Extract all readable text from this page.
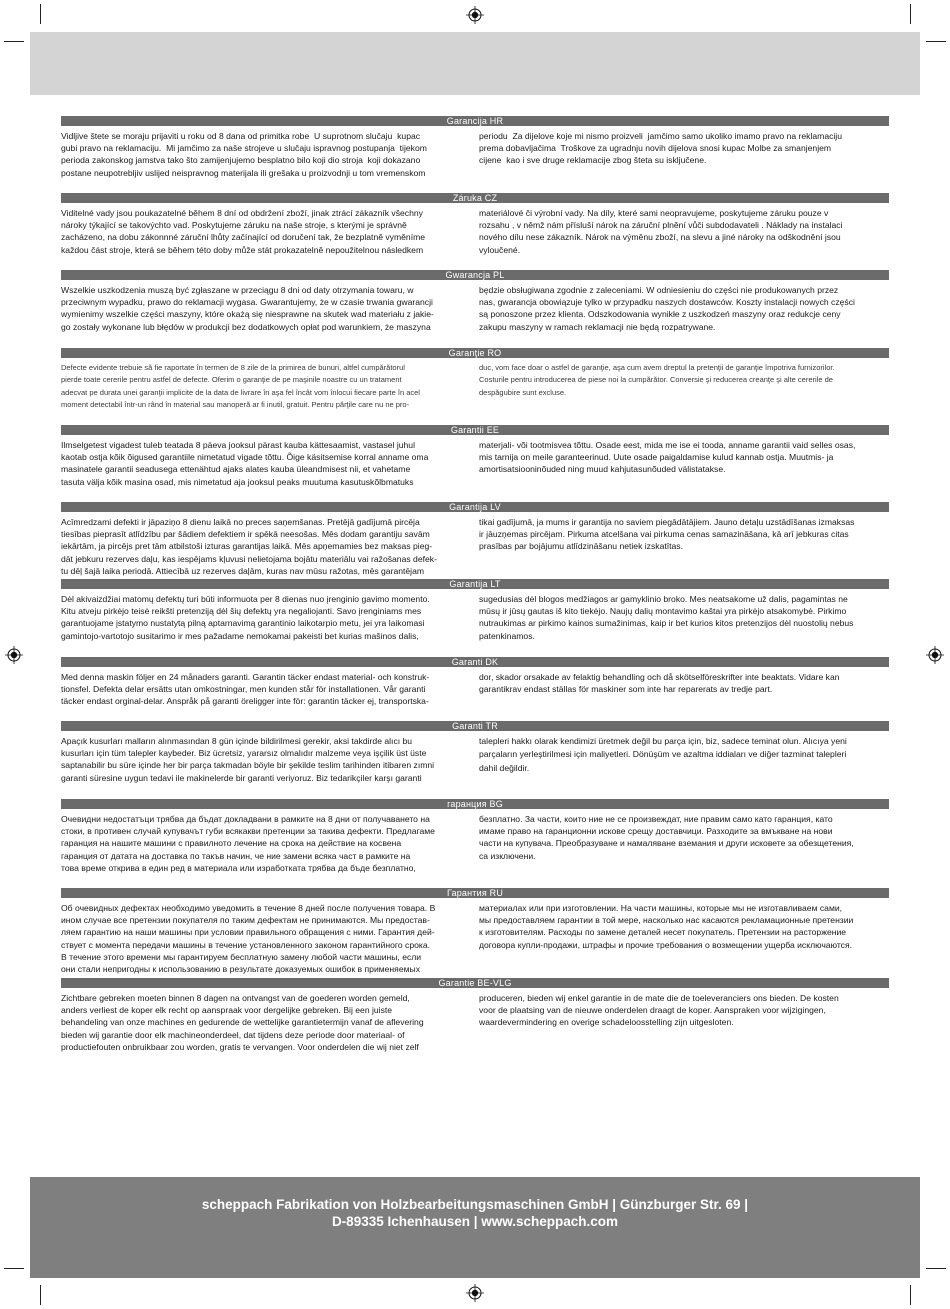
Garancija HR
Vidljive štete se moraju prijaviti u roku od 8 dana od primitka robe  U suprotnom slučaju  kupac
gubi pravo na reklamaciju.  Mi jamčimo za naše strojeve u slučaju ispravnog postupanja  tijekom
perioda zakonskog jamstva tako što zamijenjujemo besplatno bilo koji dio stroja  koji dokazano
postane neupotrebljiv uslijed neispravnog materijala ili grešaka u proizvodnji u tom vremenskom
periodu  Za dijelove koje mi nismo proizveli  jamčimo samo ukoliko imamo pravo na reklamaciju
prema dobavljačima  Troškove za ugradnju novih dijelova snosi kupac Molbe za smanjenjem
cijene  kao i sve druge reklamacije zbog šteta su isključene.
Záruka CZ
Viditelné vady jsou poukazatelné během 8 dní od obdržení zboží, jinak ztrácí zákazník všechny
nároky týkající se takovýchto vad. Poskytujeme záruku na naše stroje, s kterými je správně
zacházeno, na dobu zákonnné záruční lhůty začínající od doručení tak, že bezplatně vyměníme
každou část stroje, která se během této doby může stát prokazatelně nepoužitelnou následkem
materiálové či výrobní vady. Na díly, které sami neopravujeme, poskytujeme záruku pouze v
rozsahu , v němž nám přísluší nárok na záruční plnění vůči subdodavateli . Náklady na instalaci
nového dílu nese zákazník. Nárok na výměnu zboží, na slevu a jiné nároky na odškodnění jsou
vyloučené.
Gwarancja PL
Wszelkie uszkodzenia muszą być zgłaszane w przeciągu 8 dni od daty otrzymania towaru, w
przeciwnym wypadku, prawo do reklamacji wygasa. Gwarantujemy, że w czasie trwania gwarancji
wymienimy wszelkie części maszyny, które okażą się niesprawne na skutek wad materiału z jakie-
go zostały wykonane lub błędów w produkcji bez dodatkowych opłat pod warunkiem, że maszyna
będzie obsługiwana zgodnie z zaleceniami. W odniesieniu do części nie produkowanych przez
nas, gwarancja obowiązuje tylko w przypadku naszych dostawców. Koszty instalacji nowych części
są ponoszone przez klienta. Odszkodowania wynikłe z uszkodzeń maszyny oraz redukcje ceny
zakupu maszyny w ramach reklamacji nie będą rozpatrywane.
Garanţie RO
Defecte evidente trebuie să fie raportate în termen de 8 zile de la primirea de bunuri, altfel cumpărătorul
pierde toate cererile pentru astfel de defecte. Oferim o garanţie de pe maşinile noastre cu un tratament
adecvat pe durata unei garanţii implicite de la data de livrare în aşa fel încât vom înlocui fiecare parte în acel
moment detectabil într-un rând în material sau manoperă ar fi inutil, gratuit. Pentru părţile care nu ne pro-
duc, vom face doar o astfel de garanţie, aşa cum avem dreptul la pretenţii de garanţie împotriva furnizorilor.
Costurile pentru introducerea de piese noi la cumpărător. Conversie şi reducerea creanţe şi alte cererile de
despăgubire sunt excluse.
Garantii EE
Ilmselgetest vigadest tuleb teatada 8 päeva jooksul pärast kauba kättesaamist, vastasel juhul
kaotab ostja kõik õigused garantiile nimetatud vigade tõttu. Õige käsitsemise korral anname oma
masinatele garantii seadusega ettenähtud ajaks alates kauba üleandmisest nii, et vahetame
tasuta välja kõik masina osad, mis nimetatud aja jooksul peaks muutuma kasutuskõlbmatuks
materjali- või tootmisvea tõttu. Osade eest, mida me ise ei tooda, anname garantii vaid selles osas,
mis tarnija on meile garanteerinud. Uute osade paigaldamise kulud kannab ostja. Muutmis- ja
amortisatsiooninõuded ning muud kahjutasunõuded välistatakse.
Garantija LV
Acīmredzami defekti ir jāpaziņo 8 dienu laikā no preces saņemšanas. Pretējā gadījumā pircēja
tiesības pieprasīt atlīdzību par šādiem defektiem ir spēkā neesošas. Mēs dodam garantiju savām
iekārtām, ja pircējs pret tām atbilstoši izturas garantijas laikā. Mēs apņemamies bez maksas pieg-
dāt jebkuru rezerves daļu, kas iespējams kļuvusi nelietojama bojātu materiālu vai ražošanas defek-
tu dēļ šajā laika periodā. Attiecībā uz rezerves daļām, kuras nav mūsu ražotas, mēs garantējam
tikai gadījumā, ja mums ir garantija no saviem piegādātājiem. Jauno detaļu uzstādīšanas izmaksas
ir jāuzņemas pircējam. Pirkuma atcelšana vai pirkuma cenas samazināšana, kā arī jebkuras citas
prasības par bojājumu atlīdzināšanu netiek izskatītas.
Garantija LT
Dėl akivaizdžiai matomų defektų turi būti informuota per 8 dienas nuo įrenginio gavimo momento.
Kitu atveju pirkėjo teisė reikšti pretenziją dėl šių defektų yra negaliojanti. Savo įrenginiams mes
garantuojame įstatymo nustatytą pilną aptarnavimą garantinio laikotarpio metu, jei yra laikomasi
gamintojo-vartotojo susitarimo ir mes pažadame nemokamai pakeisti bet kurias mašinos dalis,
sugedusias dėl blogos medžiagos ar gamyklinio broko. Mes neatsakome už dalis, pagamintas ne
mūsų ir jūsų gautas iš kito tiekėjo. Naujų dalių montavimo kaštai yra pirkėjo atsakomybė. Pirkimo
nutraukimas ar pirkimo kainos sumažinimas, kaip ir bet kurios kitos pretenzijos dėl nuostolių nebus
patenkinamos.
Garanti DK
Med denna maskin följer en 24 månaders garanti. Garantin täcker endast material- och konstruk-
tionsfel. Defekta delar ersätts utan omkostningar, men kunden står för installationen. Vår garanti
täcker endast orginal-delar. Anspråk på garanti öreligger inte för: garantin täcker ej, transportska-
dor, skador orsakade av felaktig behandling och då skötselföreskrifter inte beaktats. Vidare kan
garantikrav endast ställas för maskiner som inte har reparerats av tredje part.
Garanti TR
Apaçık kusurları malların alınmasından 8 gün içinde bildirilmesi gerekir, aksi takdirde alıcı bu
kusurları için tüm talepler kaybeder. Biz ücretsiz, yararsız olmalıdır malzeme veya işçilik üst üste
saptanabilir bu süre içinde her bir parça takmadan böyle bir şekilde teslim tarihinden itibaren zımni
garanti süresine uygun tedavi ile makinelerde bir garanti veriyoruz. Biz tedarikçiler karşı garanti
talepleri hakkı olarak kendimizi üretmek değil bu parça için, biz, sadece teminat olun. Alıcıya yeni
parçaların yerleştirilmesi için maliyetleri. Dönüşüm ve azaltma iddiaları ve diğer tazminat talepleri
dahil değildir.
гаранция BG
Очевидни недостатъци трябва да бъдат докладвани в рамките на 8 дни от получаването на
стоки, в противен случай купувачът губи всякакви претенции за такива дефекти. Предлагаме
гаранция на нашите машини с правилното лечение на срока на действие на косвена
гаранция от датата на доставка по такъв начин, че ние замени всяка част в рамките на
това време открива в един ред в материала или изработката трябва да бъде безплатно,
безплатно. За части, които ние не се произвеждат, ние правим само като гаранция, като
имаме право на гаранционни искове срещу доставчици. Разходите за вмъкване на нови
части на купувача. Преобразуване и намаляване вземания и други исковете за обезщетения,
са изключени.
Гарантия RU
Об очевидных дефектах необходимо уведомить в течение 8 дней после получения товара. В
ином случае все претензии покупателя по таким дефектам не принимаются. Мы предостав-
ляем гарантию на наши машины при условии правильного обращения с ними. Гарантия дей-
ствует с момента передачи машины в течение установленного законом гарантийного срока.
В течение этого времени мы гарантируем бесплатную замену любой части машины, если
они стали непригодны к использованию в результате доказуемых ошибок в применяемых
материалах или при изготовлении. На части машины, которые мы не изготавливаем сами,
мы предоставляем гарантии в той мере, насколько нас касаются рекламационные претензии
к изготовителям. Расходы по замене деталей несет покупатель. Претензии на расторжение
договора купли-продажи, штрафы и прочие требования о возмещении ущерба исключаются.
Garantie BE-VLG
Zichtbare gebreken moeten binnen 8 dagen na ontvangst van de goederen worden gemeld,
anders verliest de koper elk recht op aanspraak voor dergelijke gebreken. Bij een juiste
behandeling van onze machines en gedurende de wettelijke garantietermijn vanaf de aflevering
bieden wij garantie door elk machineonderdeel, dat tijdens deze periode door materiaal- of
productiefouten onbruikbaar zou worden, gratis te vervangen. Voor onderdelen die wij niet zelf
produceren, bieden wij enkel garantie in de mate die de toeleveranciers ons bieden. De kosten
voor de plaatsing van de nieuwe onderdelen draagt de koper. Aanspraken voor wijzigingen,
waardevermindering en overige schadeloosstelling zijn uitgesloten.
scheppach Fabrikation von Holzbearbeitungsmaschinen GmbH | Günzburger Str. 69 |
D-89335 Ichenhausen | www.scheppach.com
